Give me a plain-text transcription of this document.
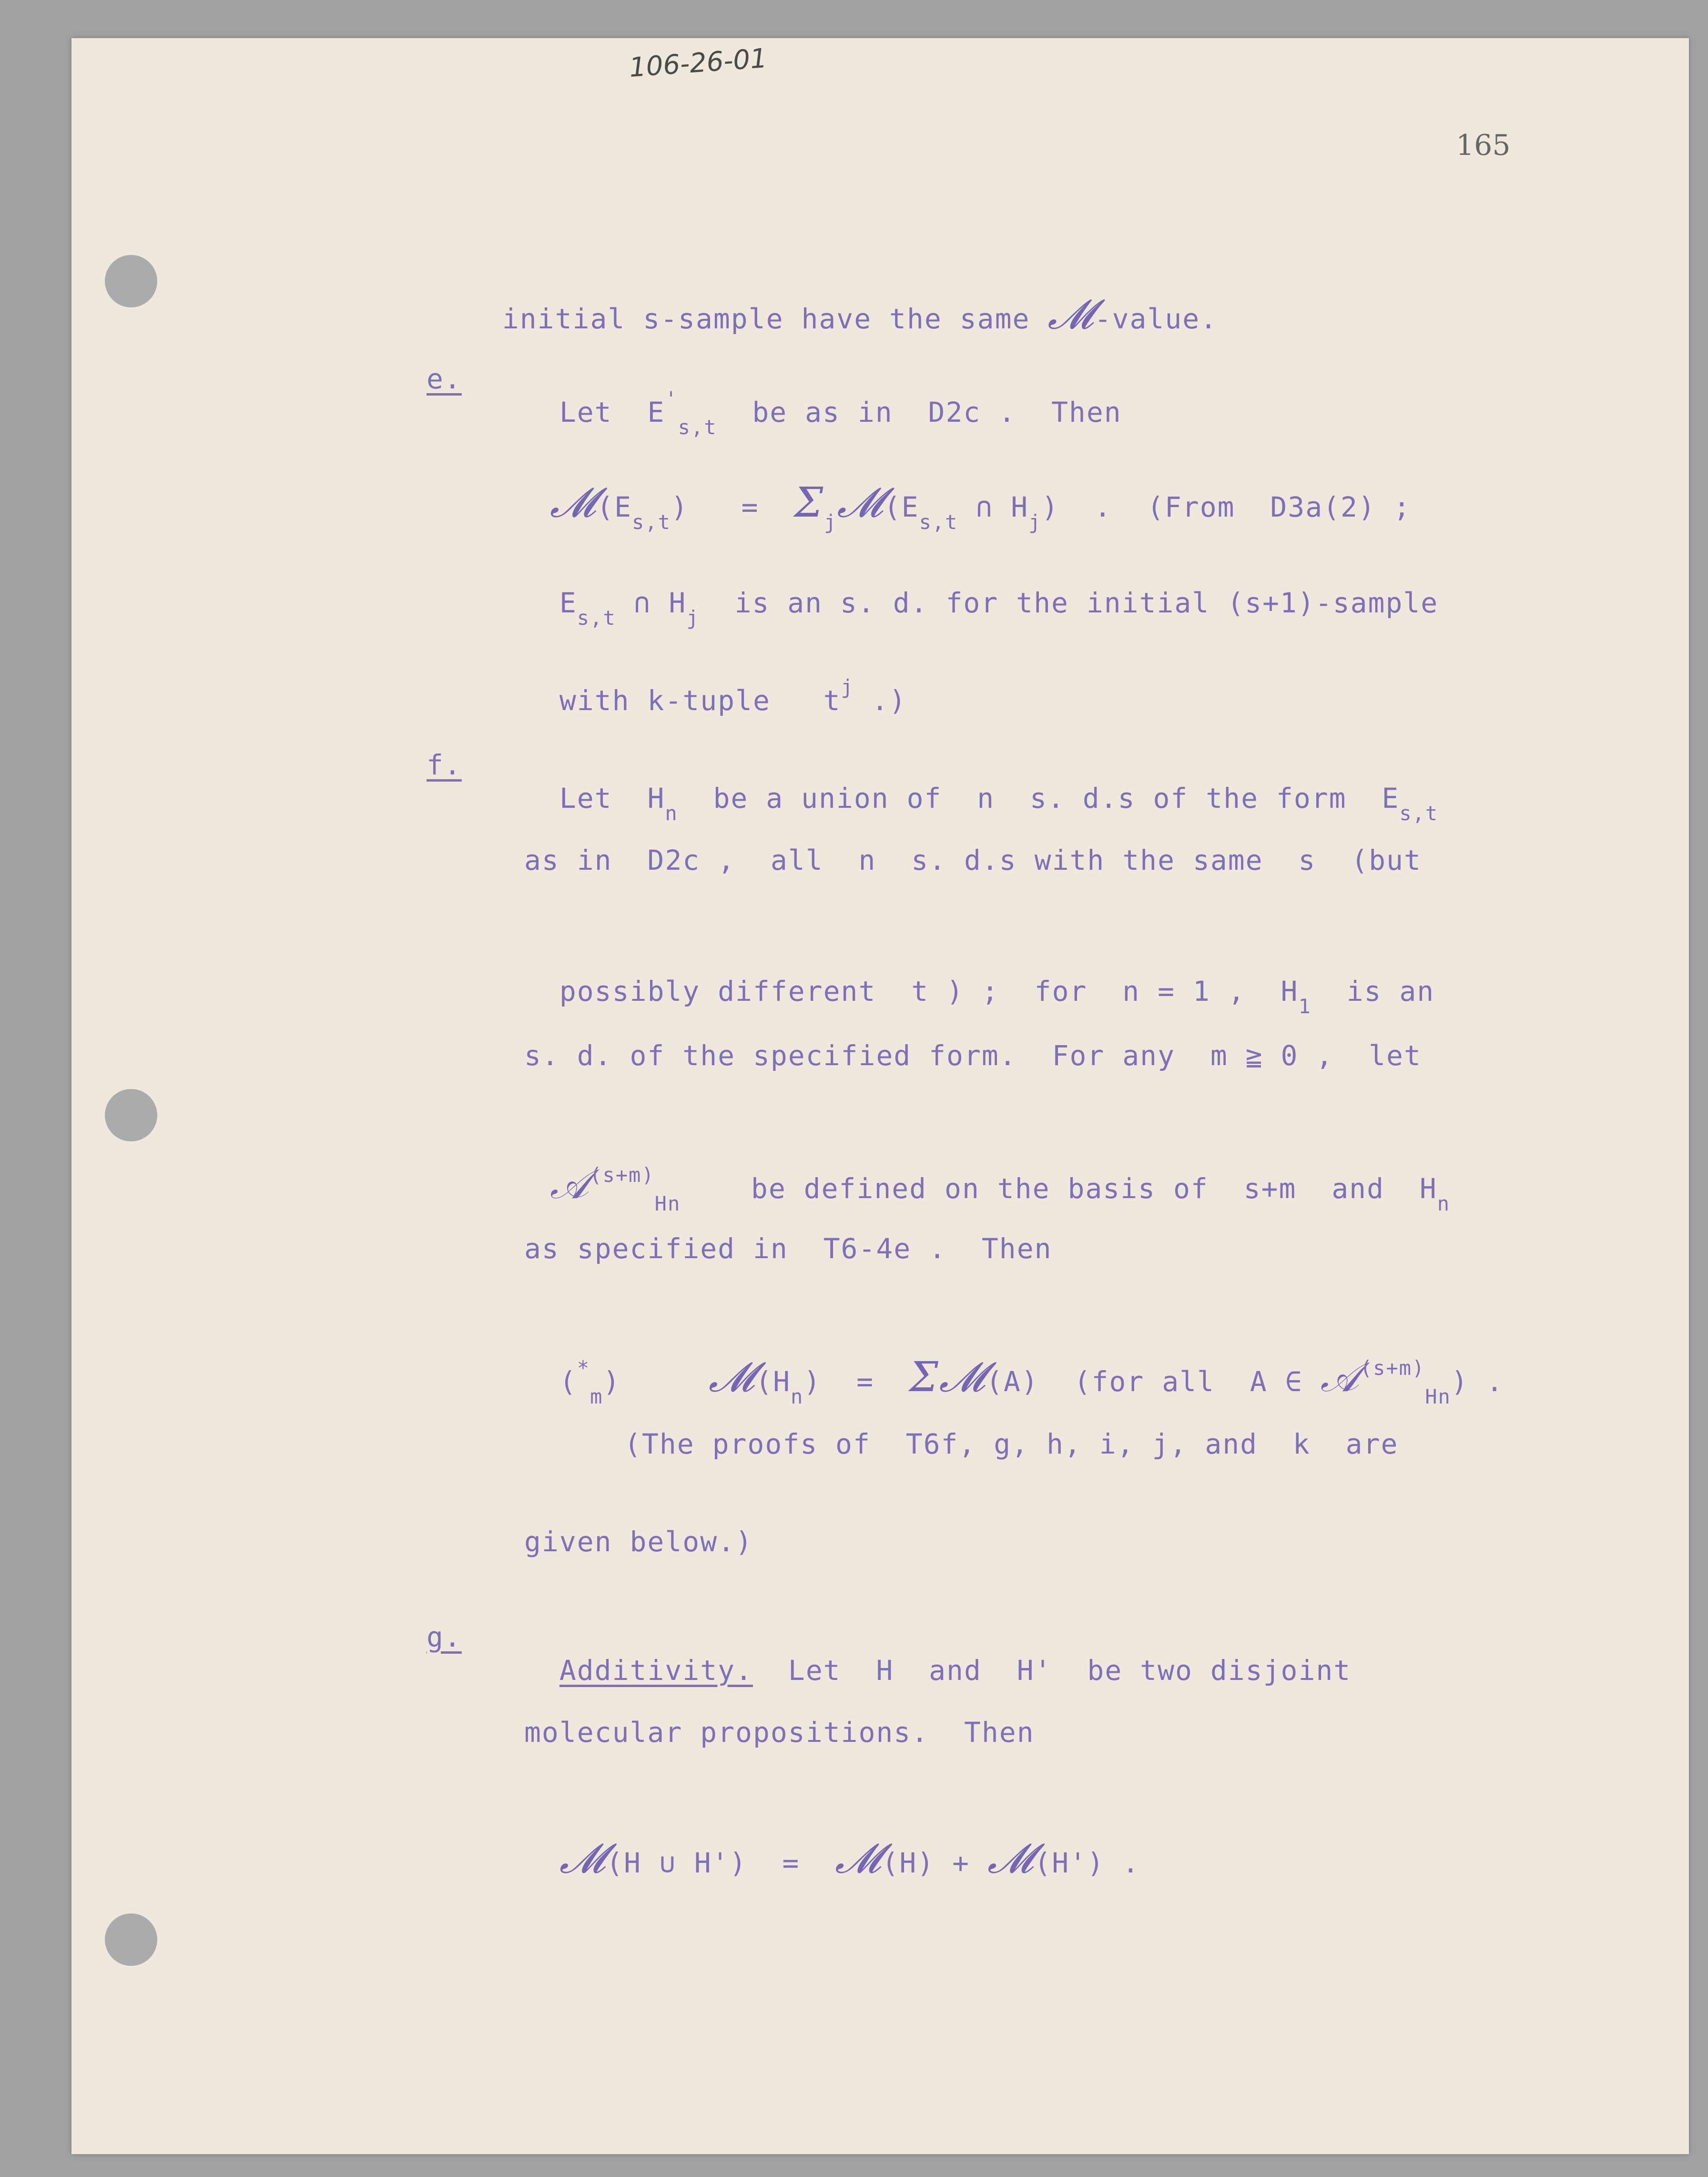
106-26-01
165

initial s-sample have the same 𝓜-value.

e.

Let  $E'_{s,t}$  be as in  D2c .  Then

$𝓜(E_{s,t})$   =  $\Sigma_j𝓜(E_{s,t}$ ∩ $H_j$)  .  (From  D3a(2) ;

$E_{s,t}$ ∩ $H_j$  is an s. d. for the initial (s+1)-sample

with k-tuple   $t^j$ .)

f.

Let  $H_n$  be a union of  n  s. d.s of the form  $E_{s,t}$

as in  D2c ,  all  n  s. d.s with the same  s  (but

possibly different  t ) ;  for  n = 1 ,  $H_1$  is an

s. d. of the specified form.  For any  m ≧ 0 ,  let

𝒜$^{(s+m)}_{Hn}$    be defined on the basis of  s+m  and  $H_n$

as specified in  T6-4e .  Then

$(^*_m)$     $𝓜(H_n)$  =  Σ𝓜(A)  (for all  A ∈ 𝒜$^{(s+m)}_{Hn}$) .

(The proofs of  T6f, g, h, i, j, and  k  are
given below.)
g.

Additivity.  Let  H  and  H'  be two disjoint

molecular propositions.  Then

𝓜(H ∪ H')  =  𝓜(H) + 𝓜(H') .
